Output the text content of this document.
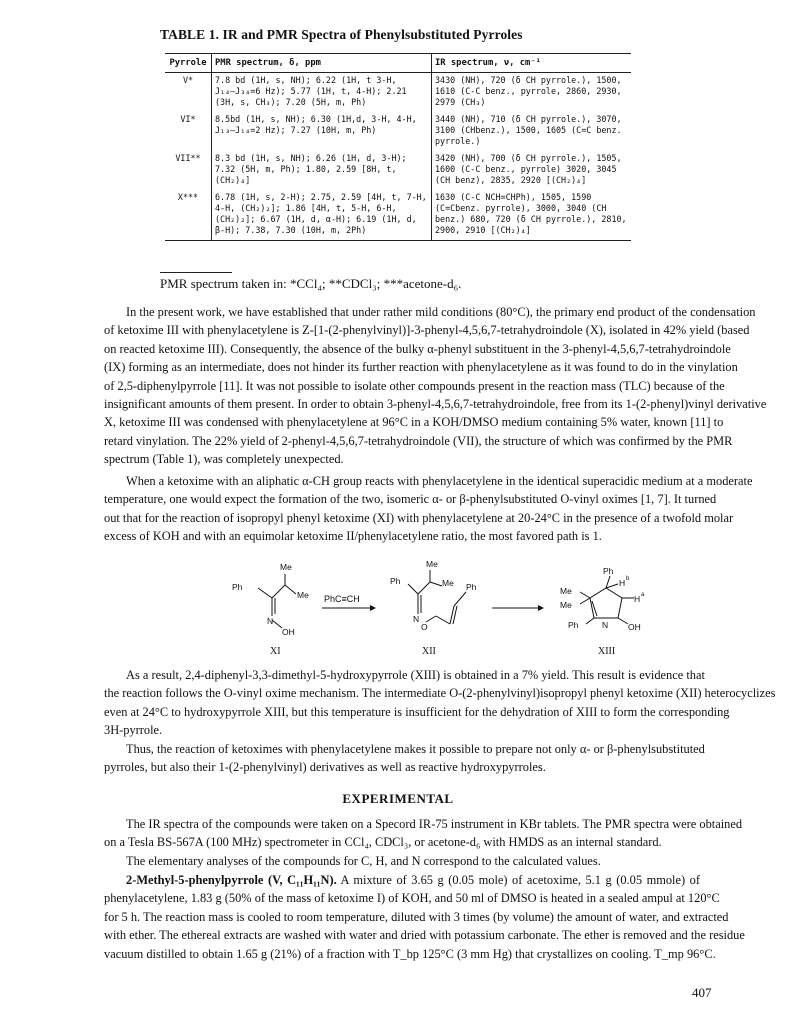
TABLE 1. IR and PMR Spectra of Phenylsubstituted Pyrroles
Pyrrole	PMR spectrum, δ, ppm	IR spectrum, ν, cm⁻¹
V*	7.8 bd (1H, s, NH); 6.22 (1H, t 3-H,
J₁₄—J₃₄=6 Hz); 5.77 (1H, t, 4-H); 2.21
(3H, s, CH₃); 7.20 (5H, m, Ph)	3430 (NH), 720 (δ CH pyrrole.), 1500,
1610 (C-C benz., pyrrole, 2860, 2930,
2979 (CH₃)

VI*	8.5bd (1H, s, NH); 6.30 (1H,d, 3-H, 4-H,
J₁₃—J₁₄=2 Hz); 7.27 (10H, m, Ph)	3440 (NH), 710 (δ CH pyrrole.), 3070,
3100 (CHbenz.), 1500, 1605 (C=C benz.
pyrrole.)

VII**	8.3 bd (1H, s, NH); 6.26 (1H, d, 3-H);
7.32 (5H, m, Ph); 1.80, 2.59 [8H, t,
(CH₂)₄]	3420 (NH), 700 (δ CH pyrrole.), 1505,
1600 (C-C benz., pyrrole) 3020, 3045
(CH benz), 2835, 2920 [(CH₂)₄]

X***	6.78 (1H, s, 2-H); 2.75, 2.59 [4H, t, 7-H,
4-H, (CH₂)₂]; 1.86 [4H, t, 5-H, 6-H,
(CH₂)₂]; 6.67 (1H, d, α-H); 6.19 (1H, d,
β-H); 7.38, 7.30 (10H, m, 2Ph)	1630 (C-C NCH=CHPh), 1505, 1590
(C=Cbenz. pyrrole), 3000, 3040 (CH
benz.) 680, 720 (δ CH pyrrole.), 2810,
2900, 2910 [(CH₂)₄]
PMR spectrum taken in: *CCl₄; **CDCl₃; ***acetone-d₆.
In the present work, we have established that under rather mild conditions (80°C), the primary end product of the condensation
of ketoxime III with phenylacetylene is Z-[1-(2-phenylvinyl)]-3-phenyl-4,5,6,7-tetrahydroindole (X), isolated in 42% yield (based
on reacted ketoxime III). Consequently, the absence of the bulky α-phenyl substituent in the 3-phenyl-4,5,6,7-tetrahydroindole
(IX) forming as an intermediate, does not hinder its further reaction with phenylacetylene as it was found to do in the vinylation
of 2,5-diphenylpyrrole [11]. It was not possible to isolate other compounds present in the reaction mass (TLC) because of the
insignificant amounts of them present. In order to obtain 3-phenyl-4,5,6,7-tetrahydroindole, free from its 1-(2-phenyl)vinyl derivative
X, ketoxime III was condensed with phenylacetylene at 96°C in a KOH/DMSO medium containing 5% water, known [11] to
retard vinylation. The 22% yield of 2-phenyl-4,5,6,7-tetrahydroindole (VII), the structure of which was confirmed by the PMR
spectrum (Table 1), was completely unexpected.
When a ketoxime with an aliphatic α-CH group reacts with phenylacetylene in the identical superacidic medium at a moderate
temperature, one would expect the formation of the two, isomeric α- or β-phenylsubstituted O-vinyl oximes [1, 7]. It turned
out that for the reaction of isopropyl phenyl ketoxime (XI) with phenylacetylene at 20-24°C in the presence of a twofold molar
excess of KOH and with an equimolar ketoxime II/phenylacetylene ratio, the most favored path is 1.
Ph
Me
Me
N
OH
XI
PhC≡CH
Ph
Me
Me Ph
N
O
XII
Ph
H b
H a
Me
Me
Ph	N OH
XIII
As a result, 2,4-diphenyl-3,3-dimethyl-5-hydroxypyrrole (XIII) is obtained in a 7% yield. This result is evidence that
the reaction follows the O-vinyl oxime mechanism. The intermediate O-(2-phenylvinyl)isopropyl phenyl ketoxime (XII) heterocyclizes
even at 24°C to hydroxypyrrole XIII, but this temperature is insufficient for the dehydration of XIII to form the corresponding
3H-pyrrole.
Thus, the reaction of ketoximes with phenylacetylene makes it possible to prepare not only α- or β-phenylsubstituted
pyrroles, but also their 1-(2-phenylvinyl) derivatives as well as reactive hydroxypyrroles.
EXPERIMENTAL
The IR spectra of the compounds were taken on a Specord IR-75 instrument in KBr tablets. The PMR spectra were obtained
on a Tesla BS-567A (100 MHz) spectrometer in CCl₄, CDCl₃, or acetone-d₆ with HMDS as an internal standard.
The elementary analyses of the compounds for C, H, and N correspond to the calculated values.
2-Methyl-5-phenylpyrrole (V, C₁₁H₁₁N). A mixture of 3.65 g (0.05 mole) of acetoxime, 5.1 g (0.05 mmole) of
phenylacetylene, 1.83 g (50% of the mass of ketoxime I) of KOH, and 50 ml of DMSO is heated in a sealed ampul at 120°C
for 5 h. The reaction mass is cooled to room temperature, diluted with 3 times (by volume) the amount of water, and extracted
with ether. The ethereal extracts are washed with water and dried with potassium carbonate. The ether is removed and the residue
vacuum distilled to obtain 1.65 g (21%) of a fraction with T_bp 125°C (3 mm Hg) that crystallizes on cooling. T_mp 96°C.
407
